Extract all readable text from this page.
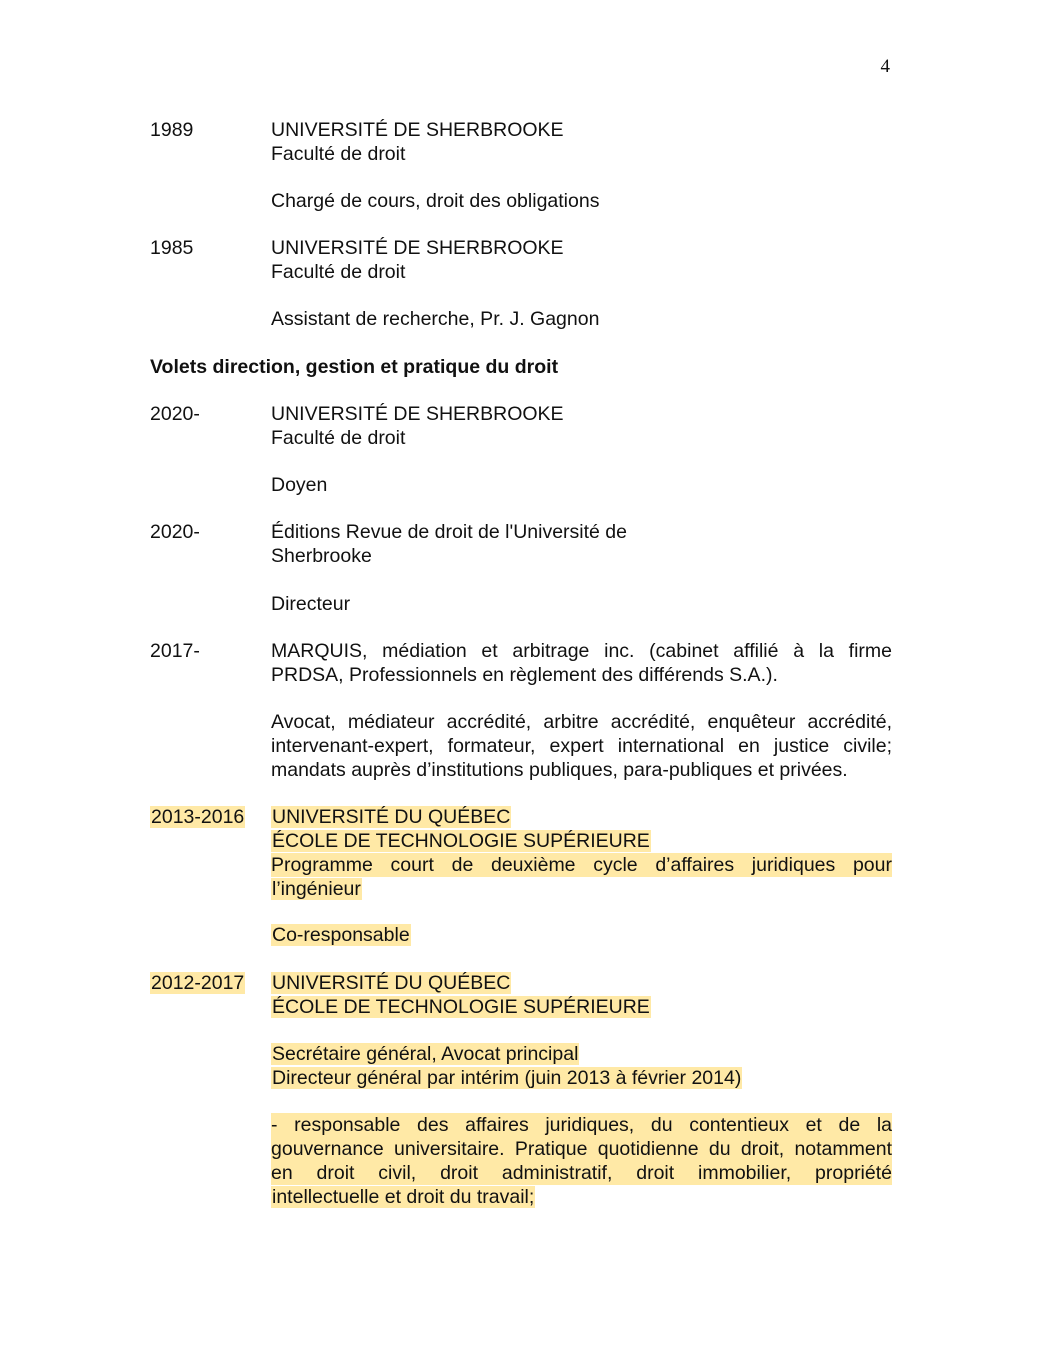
4
1989	UNIVERSITÉ DE SHERBROOKE
Faculté de droit
Chargé de cours, droit des obligations
1985	UNIVERSITÉ DE SHERBROOKE
Faculté de droit
Assistant de recherche, Pr. J. Gagnon
Volets direction, gestion et pratique du droit
2020-	UNIVERSITÉ DE SHERBROOKE
Faculté de droit
Doyen
2020-	Éditions Revue de droit de l'Université de
Sherbrooke
Directeur
2017-	MARQUIS, médiation et arbitrage inc. (cabinet affilié à la firme
PRDSA, Professionnels en règlement des différends S.A.).
Avocat, médiateur accrédité, arbitre accrédité, enquêteur accrédité,
intervenant-expert, formateur, expert international en justice civile;
mandats auprès d’institutions publiques, para-publiques et privées.
2013-2016 UNIVERSITÉ DU QUÉBEC
ÉCOLE DE TECHNOLOGIE SUPÉRIEURE
Programme court de deuxième cycle d’affaires juridiques pour
l’ingénieur
Co-responsable
2012-2017 UNIVERSITÉ DU QUÉBEC
ÉCOLE DE TECHNOLOGIE SUPÉRIEURE
Secrétaire général, Avocat principal
Directeur général par intérim (juin 2013 à février 2014)
- responsable des affaires juridiques, du contentieux et de la
gouvernance universitaire. Pratique quotidienne du droit, notamment
en droit civil, droit administratif, droit immobilier, propriété
intellectuelle et droit du travail;
